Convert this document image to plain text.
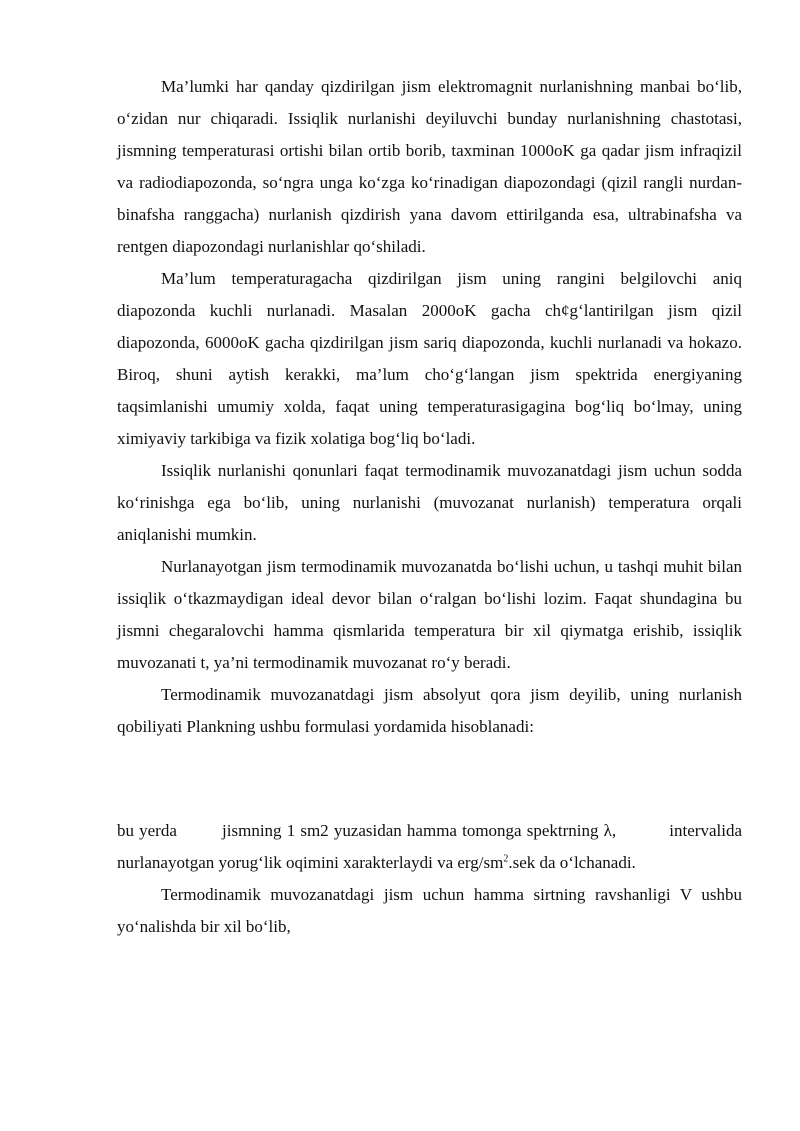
Ma’lumki har qanday qizdirilgan jism elektromagnit nurlanishning manbai bo‘lib, o‘zidan nur chiqaradi. Issiqlik nurlanishi deyiluvchi bunday nurlanishning chastotasi, jismning temperaturasi ortishi bilan ortib borib, taxminan 1000oK ga qadar jism infraqizil va radiodiapozonda, so‘ngra unga ko‘zga ko‘rinadigan diapozondagi (qizil rangli nurdan-binafsha ranggacha) nurlanish qizdirish yana davom ettirilganda esa, ultrabinafsha va rentgen diapozondagi nurlanishlar qo‘shiladi.

Ma’lum temperaturagacha qizdirilgan jism uning rangini belgilovchi aniq diapozonda kuchli nurlanadi. Masalan 2000oK gacha ch¢g‘lantirilgan jism qizil diapozonda, 6000oK gacha qizdirilgan jism sariq diapozonda, kuchli nurlanadi va hokazo. Biroq, shuni aytish kerakki, ma’lum cho‘g‘langan jism spektrida energiyaning taqsimlanishi umumiy xolda, faqat uning temperaturasigagina bog‘liq bo‘lmay, uning ximiyaviy tarkibiga va fizik xolatiga bog‘liq bo‘ladi.

Issiqlik nurlanishi qonunlari faqat termodinamik muvozanatdagi jism uchun sodda ko‘rinishga ega bo‘lib, uning nurlanishi (muvozanat nurlanish) temperatura orqali aniqlanishi mumkin.

Nurlanayotgan jism termodinamik muvozanatda bo‘lishi uchun, u tashqi muhit bilan issiqlik o‘tkazmaydigan ideal devor bilan o‘ralgan bo‘lishi lozim. Faqat shundagina bu jismni chegaralovchi hamma qismlarida temperatura bir xil qiymatga erishib, issiqlik muvozanati t, ya’ni termodinamik muvozanat ro‘y beradi.

Termodinamik muvozanatdagi jism absolyut qora jism deyilib, uning nurlanish qobiliyati Plankning ushbu formulasi yordamida hisoblanadi:

bu yerda	jismning 1 sm2 yuzasidan hamma tomonga spektrning λ,	intervalida nurlanayotgan yorug‘lik oqimini xarakterlaydi va erg/$sm^2.sek$ da o‘lchanadi.

Termodinamik muvozanatdagi jism uchun hamma sirtning ravshanligi V ushbu yo‘nalishda bir xil bo‘lib,
